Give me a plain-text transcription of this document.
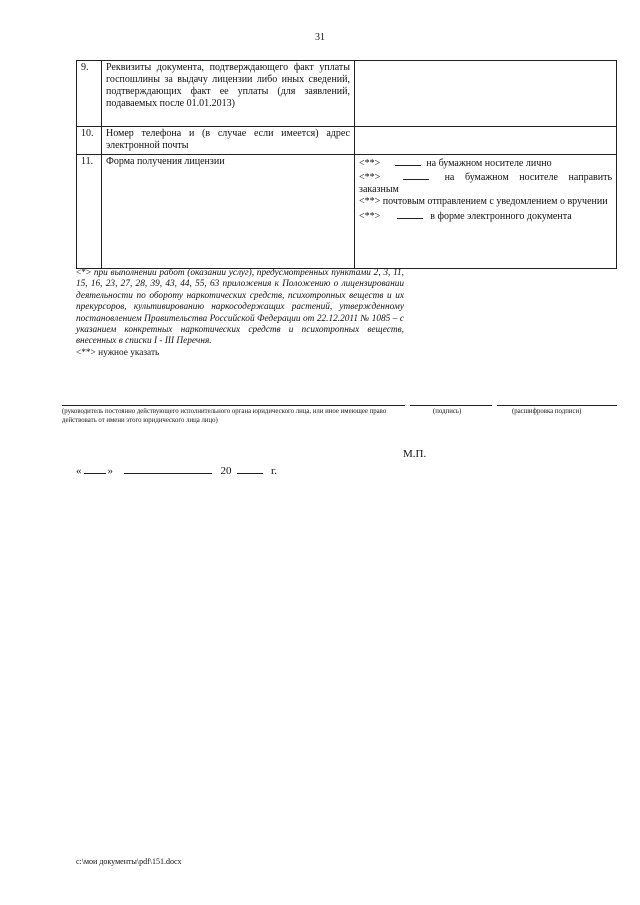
31
9.	Реквизиты документа, подтверждающего факт уплаты госпошлины за выдачу лицензии либо иных сведений, подтверждающих факт ее уплаты (для заявлений, подаваемых после 01.01.2013)	
10.	Номер телефона и (в случае если имеется) адрес электронной почты	
11.	Форма получения лицензии	<**> на бумажном носителе лично
<**> на бумажном носителе направить заказным
<**> почтовым отправлением с уведомлением о вручении
<**> в форме электронного документа
<*> при выполнении работ (оказании услуг), предусмотренных пунктами 2, 3, 11, 15, 16, 23, 27, 28, 39, 43, 44, 55, 63 приложения к Положению о лицензировании деятельности по обороту наркотических средств, психотропных веществ и их прекурсоров, культивированию наркосодержащих растений, утвержденному постановлением Правительства Российской Федерации от 22.12.2011 № 1085 – с указанием конкретных наркотических средств и психотропных веществ, внесенных в списки I - III Перечня.
<**> нужное указать
(руководитель постоянно действующего исполнительного органа юридического лица, или иное имеющее право действовать от имени этого юридического лица лицо)
(подпись)	(расшифровка подписи)
М.П.
« »	20	г.
c:\мои документы\pdf\151.docx
